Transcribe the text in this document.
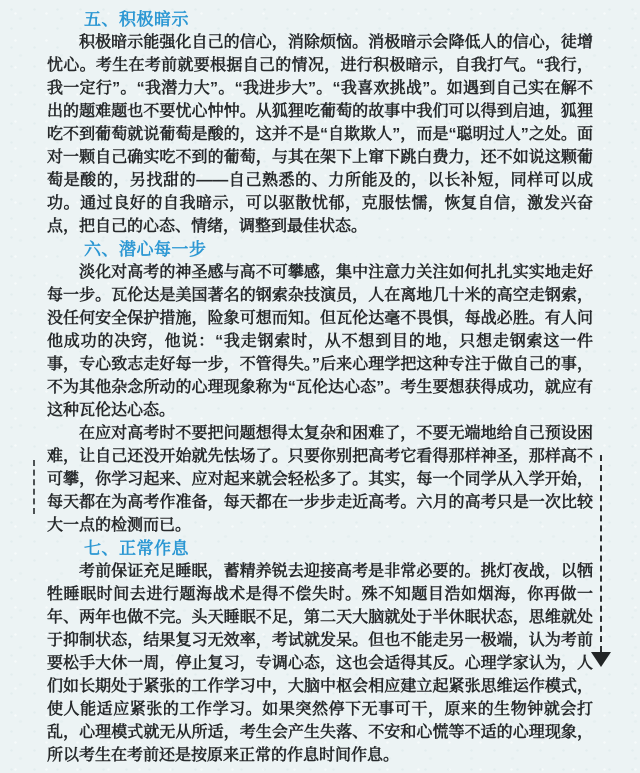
五、积极暗示

积极暗示能强化自己的信心，消除烦恼。消极暗示会降低人的信心，徒增忧心。考生在考前就要根据自己的情况，进行积极暗示，自我打气。“我行，我一定行”。“我潜力大”。“我进步大”。“我喜欢挑战”。如遇到自己实在解不出的题难题也不要忧心忡忡。从狐狸吃葡萄的故事中我们可以得到启迪，狐狸吃不到葡萄就说葡萄是酸的，这并不是“自欺欺人”，而是“聪明过人”之处。面对一颗自己确实吃不到的葡萄，与其在架下上窜下跳白费力，还不如说这颗葡萄是酸的，另找甜的——自己熟悉的、力所能及的，以长补短，同样可以成功。通过良好的自我暗示，可以驱散忧郁，克服怯懦，恢复自信，激发兴奋点，把自己的心态、情绪，调整到最佳状态。

六、潜心每一步

淡化对高考的神圣感与高不可攀感，集中注意力关注如何扎扎实实地走好每一步。瓦伦达是美国著名的钢索杂技演员，人在离地几十米的高空走钢索，没任何安全保护措施，险象可想而知。但瓦伦达毫不畏惧，每战必胜。有人问他成功的决窍，他说：“我走钢索时，从不想到目的地，只想走钢索这一件事，专心致志走好每一步，不管得失。”后来心理学把这种专注于做自己的事，不为其他杂念所动的心理现象称为“瓦伦达心态”。考生要想获得成功，就应有这种瓦伦达心态。

在应对高考时不要把问题想得太复杂和困难了，不要无端地给自己预设困难，让自己还没开始就先怯场了。只要你别把高考它看得那样神圣，那样高不可攀，你学习起来、应对起来就会轻松多了。其实，每一个同学从入学开始，每天都在为高考作准备，每天都在一步步走近高考。六月的高考只是一次比较大一点的检测而已。

七、正常作息

考前保证充足睡眠，蓄精养锐去迎接高考是非常必要的。挑灯夜战，以牺牲睡眠时间去进行题海战术是得不偿失时。殊不知题目浩如烟海，你再做一年、两年也做不完。头天睡眠不足，第二天大脑就处于半休眠状态，思维就处于抑制状态，结果复习无效率，考试就发呆。但也不能走另一极端，认为考前要松手大休一周，停止复习，专调心态，这也会适得其反。心理学家认为，人们如长期处于紧张的工作学习中，大脑中枢会相应建立起紧张思维运作模式，使人能适应紧张的工作学习。如果突然停下无事可干，原来的生物钟就会打乱，心理模式就无从所适，考生会产生失落、不安和心慌等不适的心理现象，所以考生在考前还是按原来正常的作息时间作息。
